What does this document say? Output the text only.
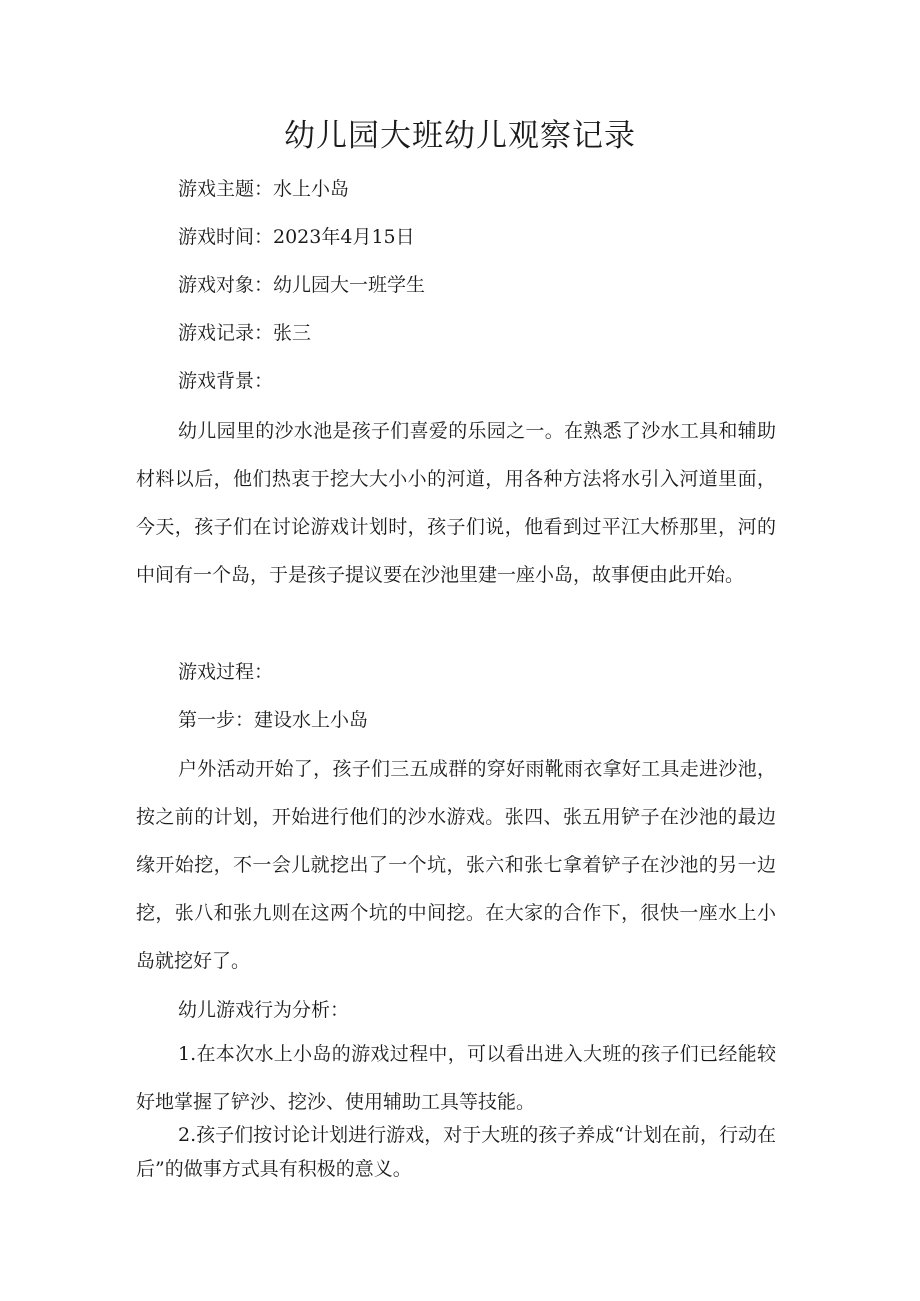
幼儿园大班幼儿观察记录

游戏主题：水上小岛

游戏时间：2023年4月15日

游戏对象：幼儿园大一班学生

游戏记录：张三

游戏背景：

幼儿园里的沙水池是孩子们喜爱的乐园之一。在熟悉了沙水工具和辅助材料以后，他们热衷于挖大大小小的河道，用各种方法将水引入河道里面，今天，孩子们在讨论游戏计划时，孩子们说，他看到过平江大桥那里，河的中间有一个岛，于是孩子提议要在沙池里建一座小岛，故事便由此开始。

游戏过程：

第一步：建设水上小岛

户外活动开始了，孩子们三五成群的穿好雨靴雨衣拿好工具走进沙池，按之前的计划，开始进行他们的沙水游戏。张四、张五用铲子在沙池的最边缘开始挖，不一会儿就挖出了一个坑，张六和张七拿着铲子在沙池的另一边挖，张八和张九则在这两个坑的中间挖。在大家的合作下，很快一座水上小岛就挖好了。

幼儿游戏行为分析：

1.在本次水上小岛的游戏过程中，可以看出进入大班的孩子们已经能较好地掌握了铲沙、挖沙、使用辅助工具等技能。

2.孩子们按讨论计划进行游戏，对于大班的孩子养成“计划在前，行动在后”的做事方式具有积极的意义。
